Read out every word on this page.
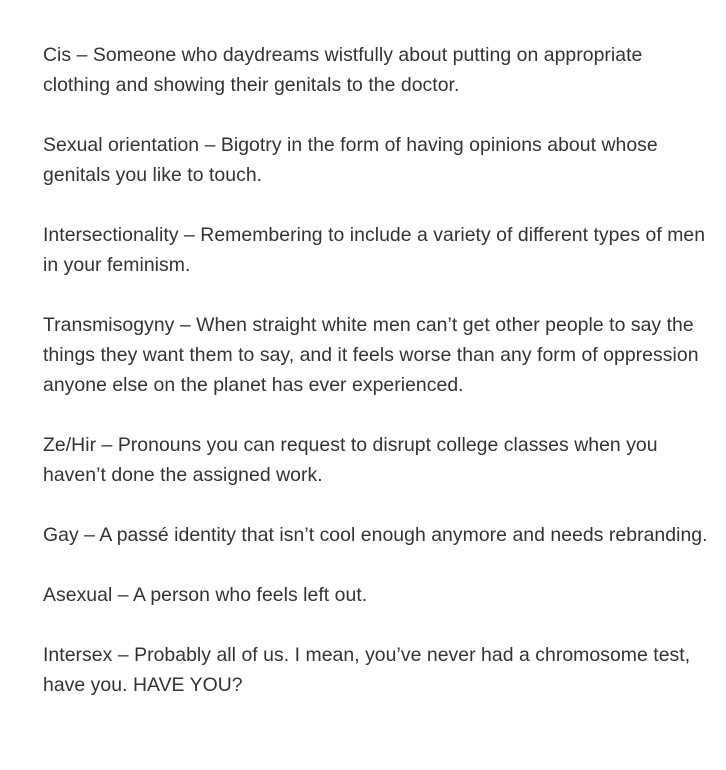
Cis – Someone who daydreams wistfully about putting on appropriate clothing and showing their genitals to the doctor.

Sexual orientation – Bigotry in the form of having opinions about whose genitals you like to touch.

Intersectionality – Remembering to include a variety of different types of men in your feminism.

Transmisogyny – When straight white men can’t get other people to say the things they want them to say, and it feels worse than any form of oppression anyone else on the planet has ever experienced.

Ze/Hir – Pronouns you can request to disrupt college classes when you haven’t done the assigned work.

Gay – A passé identity that isn’t cool enough anymore and needs rebranding.

Asexual – A person who feels left out.

Intersex – Probably all of us. I mean, you’ve never had a chromosome test, have you. HAVE YOU?
